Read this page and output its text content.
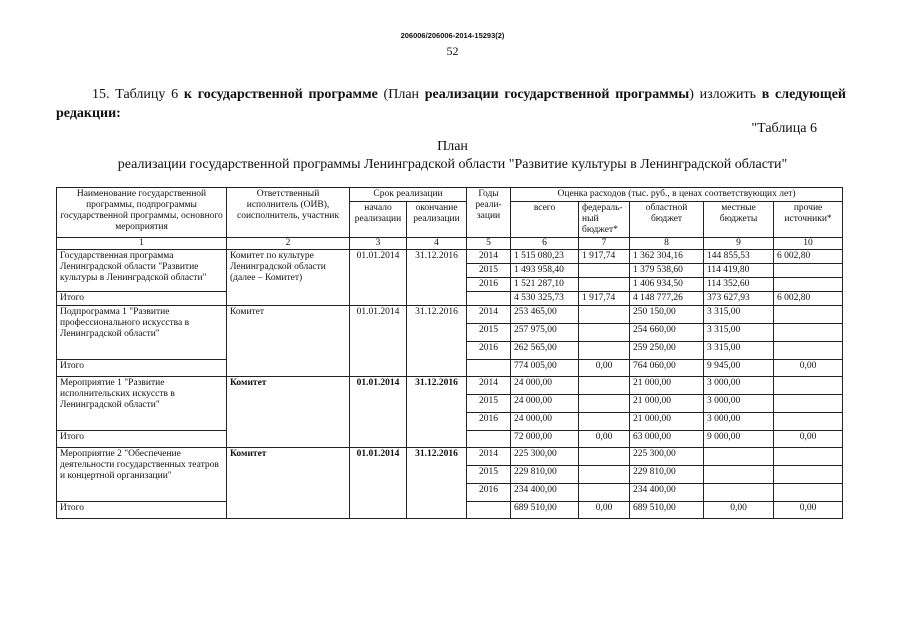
206006/206006-2014-15293(2)
52
15. Таблицу 6 к государственной программе (План реализации государственной программы) изложить в следующей редакции:
"Таблица 6
План
реализации государственной программы Ленинградской области "Развитие культуры в Ленинградской области"
Наименование государственной программы, подпрограммы государственной программы, основного мероприятия	Ответственный исполнитель (ОИВ), соисполнитель, участник	Срок реализации		Годы реали-зации	Оценка расходов (тыс. руб., в ценах соответствующих лет)				
		начало реализации	окончание реализации		всего	федераль-ный бюджет*	областной бюджет	местные бюджеты	прочие источники*
1	2	3	4	5	6	7	8	9	10
Государственная программа Ленинградской области "Развитие культуры в Ленинградской области"	Комитет по культуре Ленинградской области (далее – Комитет)	01.01.2014	31.12.2016	2014	1 515 080,23	1 917,74	1 362 304,16	144 855,53	6 002,80
				2015	1 493 958,40		1 379 538,60	114 419,80	
				2016	1 521 287,10		1 406 934,50	114 352,60	
Итого					4 530 325,73	1 917,74	4 148 777,26	373 627,93	6 002,80
Подпрограмма 1 "Развитие профессионального искусства в Ленинградской области"	Комитет	01.01.2014	31.12.2016	2014	253 465,00		250 150,00	3 315,00	
				2015	257 975,00		254 660,00	3 315,00	
				2016	262 565,00		259 250,00	3 315,00	
Итого					774 005,00	0,00	764 060,00	9 945,00	0,00
Мероприятие 1 "Развитие исполнительских искусств в Ленинградской области"	Комитет	01.01.2014	31.12.2016	2014	24 000,00		21 000,00	3 000,00	
				2015	24 000,00		21 000,00	3 000,00	
				2016	24 000,00		21 000,00	3 000,00	
Итого					72 000,00	0,00	63 000,00	9 000,00	0,00
Мероприятие 2 "Обеспечение деятельности государственных театров и концертной организации"	Комитет	01.01.2014	31.12.2016	2014	225 300,00		225 300,00		
				2015	229 810,00		229 810,00		
				2016	234 400,00		234 400,00		
Итого					689 510,00	0,00	689 510,00	0,00	0,00
